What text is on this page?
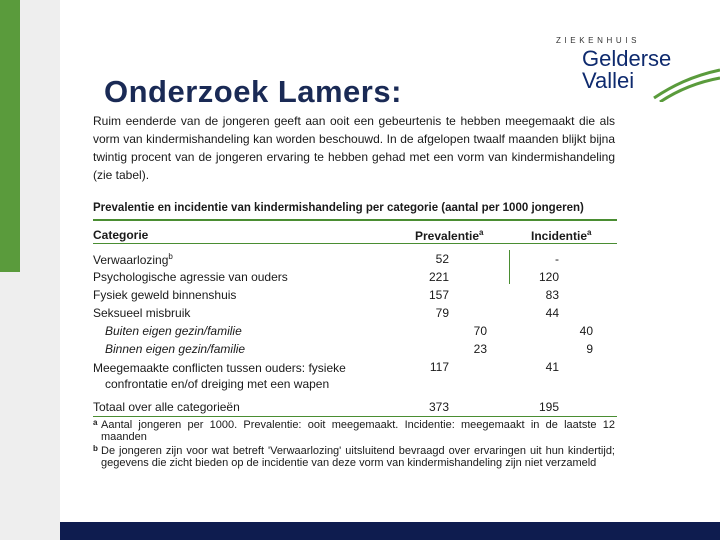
Onderzoek Lamers:
ZIEKENHUIS
Gelderse
Vallei

Ruim eenderde van de jongeren geeft aan ooit een gebeurtenis te hebben meegemaakt die als vorm van kindermishandeling kan worden beschouwd. In de afgelopen twaalf maanden blijkt bijna twintig procent van de jongeren ervaring te hebben gehad met een vorm van kindermishandeling (zie tabel).

Prevalentie en incidentie van kindermishandeling per categorie (aantal per 1000 jongeren)

Categorie	Prevalentie$^a$	Incidentie$^a$
Verwaarlozing$^b$	52	-
Psychologische agressie van ouders	221	120
Fysiek geweld binnenshuis	157	83
Seksueel misbruik	79	44
Buiten eigen gezin/familie	70	40
Binnen eigen gezin/familie	23	9
Meegemaakte conflicten tussen ouders: fysieke
confrontatie en/of dreiging met een wapen
117	41
Totaal over alle categorieën	373	195

a Aantal jongeren per 1000. Prevalentie: ooit meegemaakt. Incidentie: meegemaakt in de laatste 12 maanden

b De jongeren zijn voor wat betreft 'Verwaarlozing' uitsluitend bevraagd over ervaringen uit hun kindertijd; gegevens die zicht bieden op de incidentie van deze vorm van kindermishandeling zijn niet verzameld
